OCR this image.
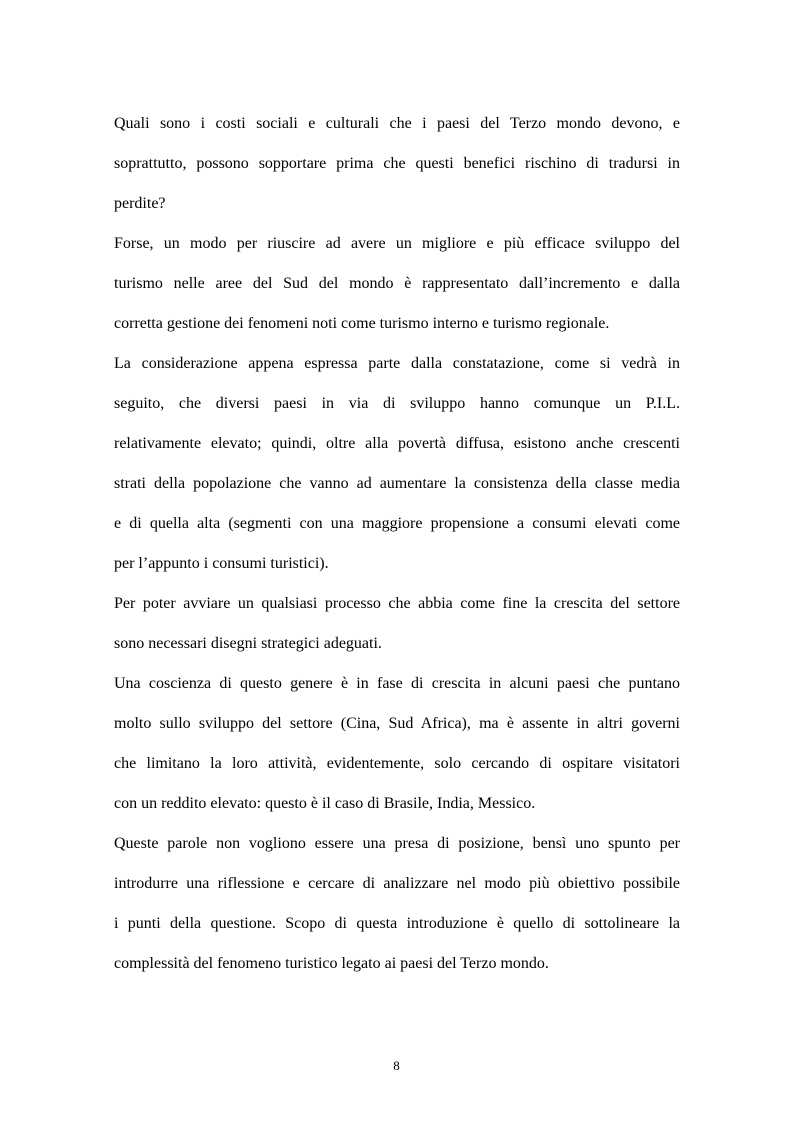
Quali sono i costi sociali e culturali che i paesi del Terzo mondo devono, e
soprattutto, possono sopportare prima che questi benefici rischino di tradursi in
perdite?
Forse, un modo per riuscire ad avere un migliore e più efficace sviluppo del
turismo nelle aree del Sud del mondo è rappresentato dall’incremento e dalla
corretta gestione dei fenomeni noti come turismo interno e turismo regionale.
La considerazione appena espressa parte dalla constatazione, come si vedrà in
seguito, che diversi paesi in via di sviluppo hanno comunque un P.I.L.
relativamente elevato; quindi, oltre alla povertà diffusa, esistono anche crescenti
strati della popolazione che vanno ad aumentare la consistenza della classe media
e di quella alta (segmenti con una maggiore propensione a consumi elevati come
per l’appunto i consumi turistici).
Per poter avviare un qualsiasi processo che abbia come fine la crescita del settore
sono necessari disegni strategici adeguati.
Una coscienza di questo genere è in fase di crescita in alcuni paesi che puntano
molto sullo sviluppo del settore (Cina, Sud Africa), ma è assente in altri governi
che limitano la loro attività, evidentemente, solo cercando di ospitare visitatori
con un reddito elevato: questo è il caso di Brasile, India, Messico.
Queste parole non vogliono essere una presa di posizione, bensì uno spunto per
introdurre una riflessione e cercare di analizzare nel modo più obiettivo possibile
i punti della questione. Scopo di questa introduzione è quello di sottolineare la
complessità del fenomeno turistico legato ai paesi del Terzo mondo.
8
